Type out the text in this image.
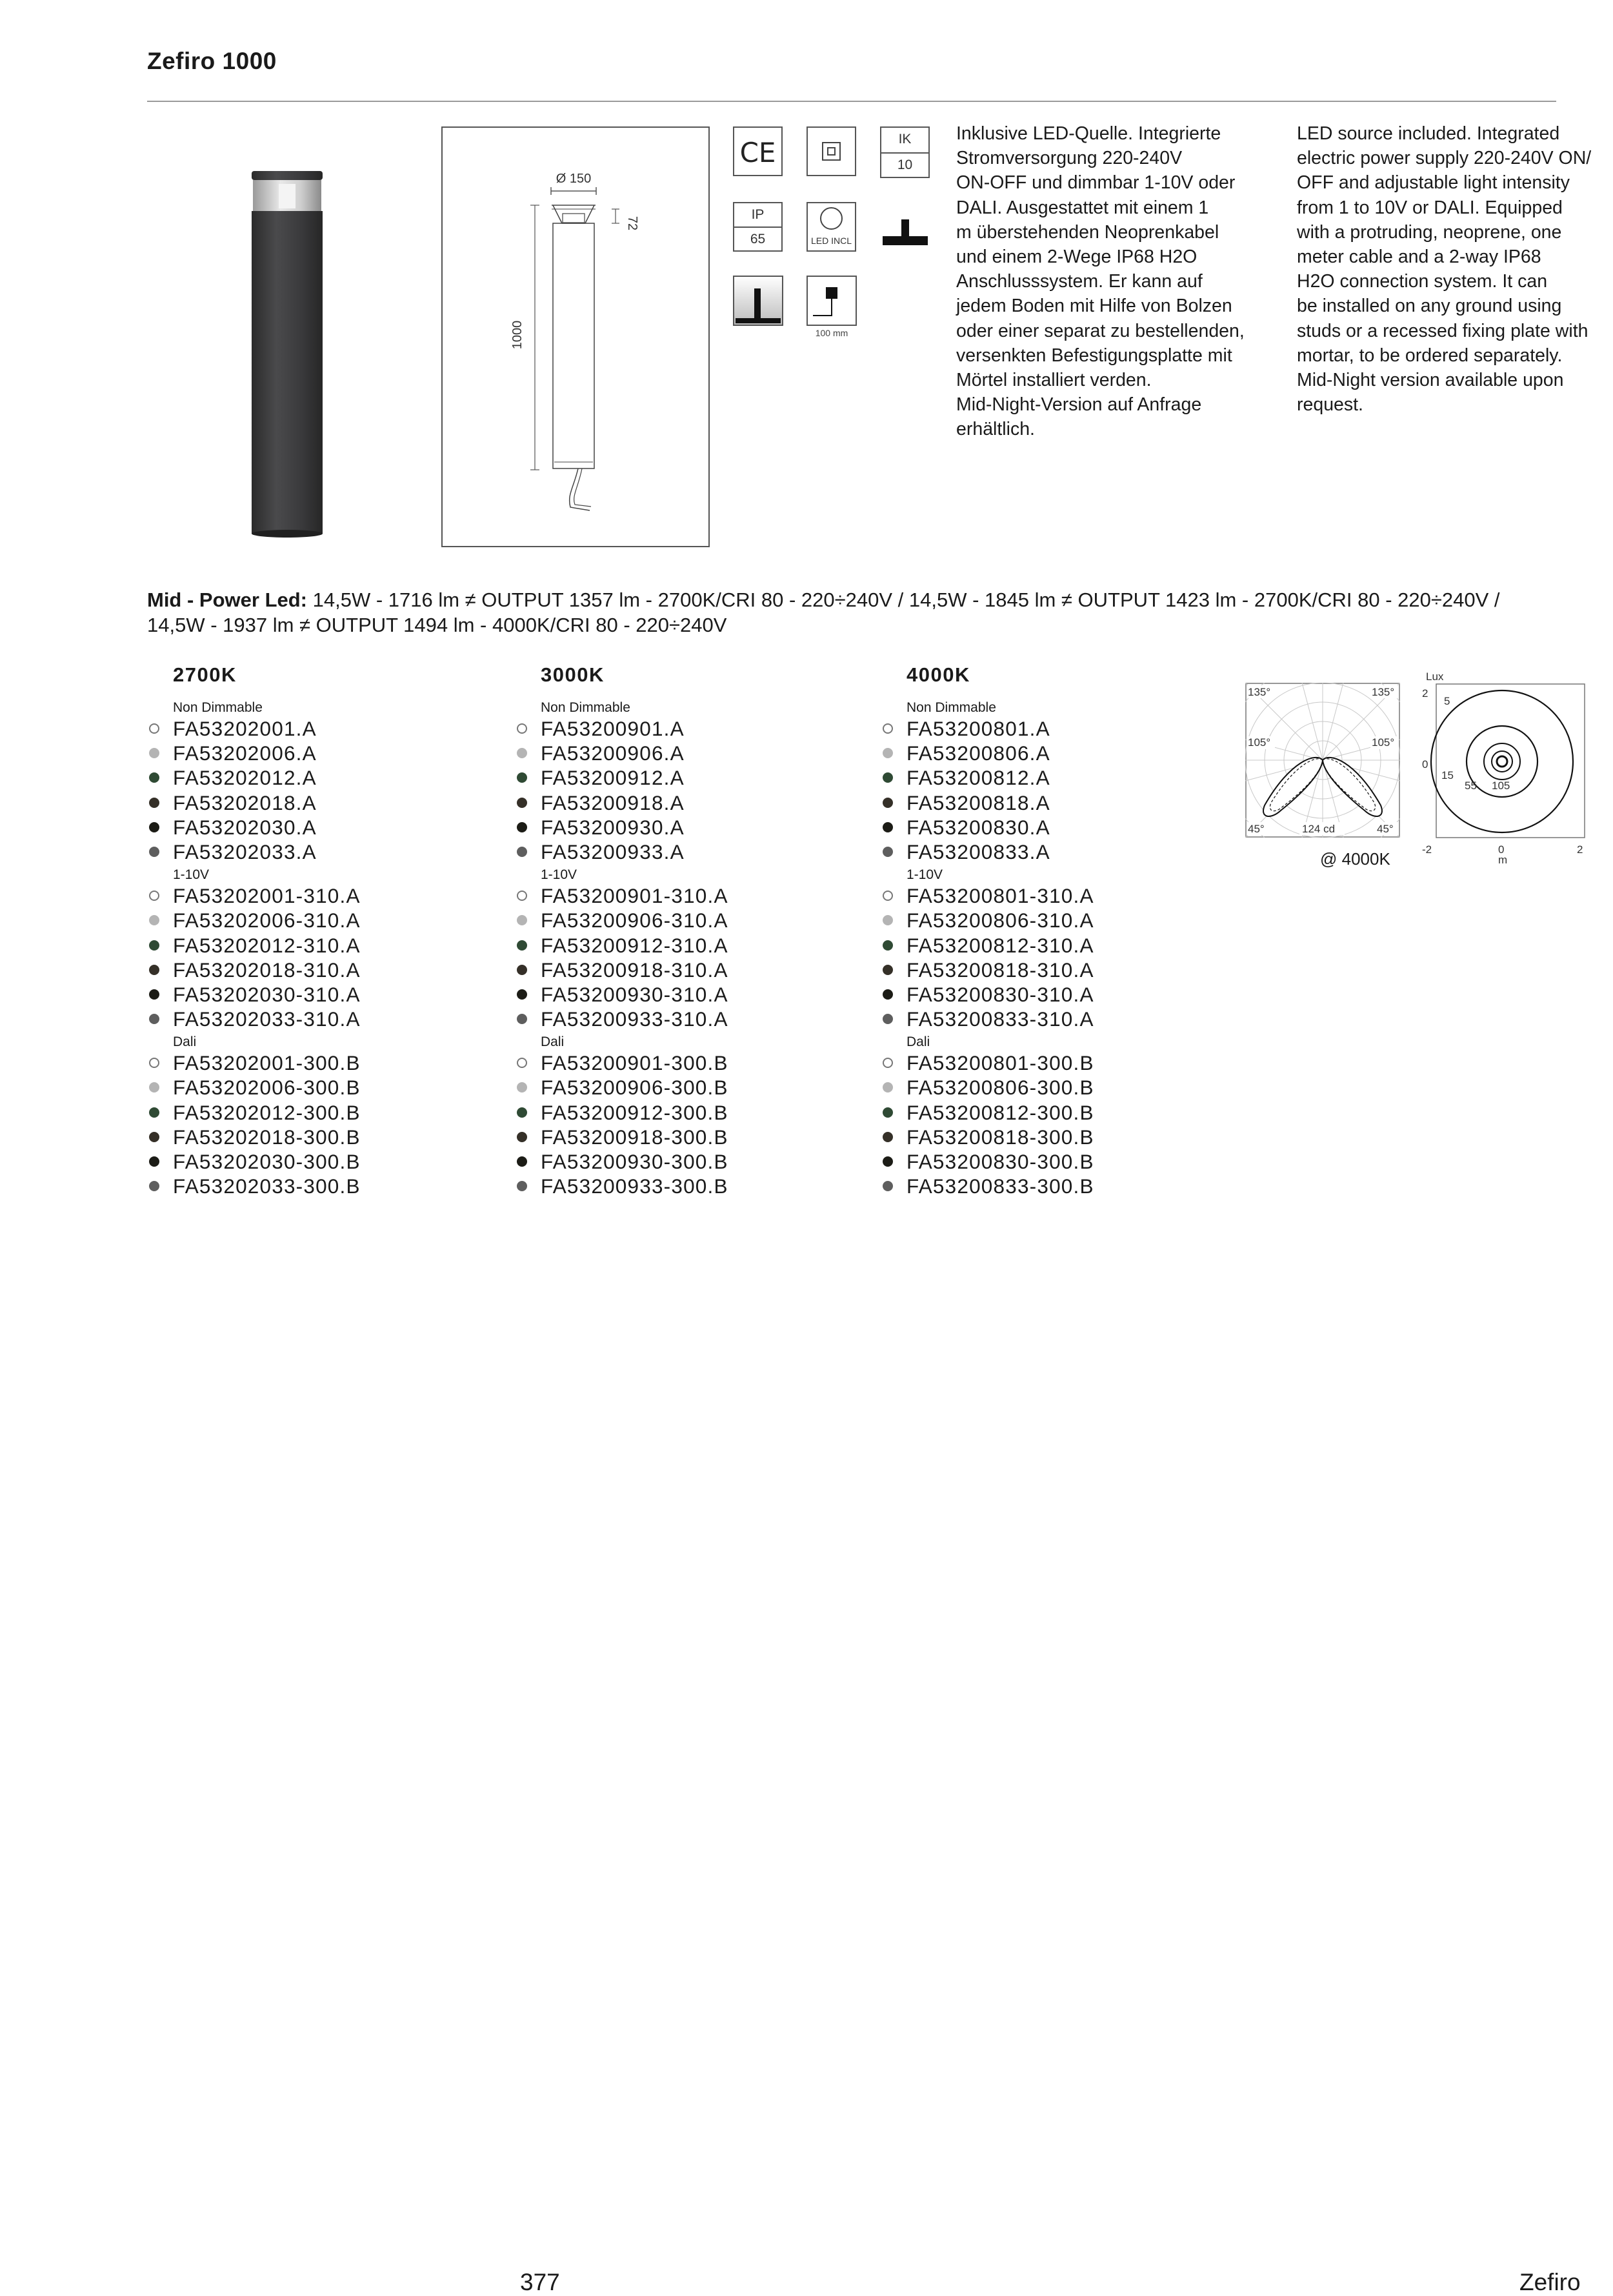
Zefiro 1000
Ø 150
72
1000
CE	IK
10
IP
65	LED INCL
100 mm
Inklusive LED-Quelle. Integrierte
Stromversorgung 220-240V
ON-OFF und dimmbar 1-10V oder
DALI. Ausgestattet mit einem 1
m überstehenden Neoprenkabel
und einem 2-Wege IP68 H2O
Anschlusssystem. Er kann auf
jedem Boden mit Hilfe von Bolzen
oder einer separat zu bestellenden,
versenkten Befestigungsplatte mit
Mörtel installiert verden.
Mid-Night-Version auf Anfrage
erhältlich.
LED source included. Integrated
electric power supply 220-240V ON/
OFF and adjustable light intensity
from 1 to 10V or DALI. Equipped
with a protruding, neoprene, one
meter cable and a 2-way IP68
H2O connection system. It can
be installed on any ground using
studs or a recessed fixing plate with
mortar, to be ordered separately.
Mid-Night version available upon
request.
Mid - Power Led: 14,5W - 1716 lm ≠ OUTPUT 1357 lm - 2700K/CRI 80 - 220÷240V / 14,5W - 1845 lm ≠ OUTPUT 1423 lm - 2700K/CRI 80 - 220÷240V /
14,5W - 1937 lm ≠ OUTPUT 1494 lm - 4000K/CRI 80 - 220÷240V
2700K
Non Dimmable
FA53202001.A
FA53202006.A
FA53202012.A
FA53202018.A
FA53202030.A
FA53202033.A
1-10V
FA53202001-310.A
FA53202006-310.A
FA53202012-310.A
FA53202018-310.A
FA53202030-310.A
FA53202033-310.A
Dali
FA53202001-300.B
FA53202006-300.B
FA53202012-300.B
FA53202018-300.B
FA53202030-300.B
FA53202033-300.B
3000K
Non Dimmable
FA53200901.A
FA53200906.A
FA53200912.A
FA53200918.A
FA53200930.A
FA53200933.A
1-10V
FA53200901-310.A
FA53200906-310.A
FA53200912-310.A
FA53200918-310.A
FA53200930-310.A
FA53200933-310.A
Dali
FA53200901-300.B
FA53200906-300.B
FA53200912-300.B
FA53200918-300.B
FA53200930-300.B
FA53200933-300.B
4000K
Non Dimmable
FA53200801.A
FA53200806.A
FA53200812.A
FA53200818.A
FA53200830.A
FA53200833.A
1-10V
FA53200801-310.A
FA53200806-310.A
FA53200812-310.A
FA53200818-310.A
FA53200830-310.A
FA53200833-310.A
Dali
FA53200801-300.B
FA53200806-300.B
FA53200812-300.B
FA53200818-300.B
FA53200830-300.B
FA53200833-300.B
135°	135°
105°	105°
45°	45°
124 cd
@ 4000K
Lux
2
0
5
15
55 105
-2	0	2
m
377	Zefiro
